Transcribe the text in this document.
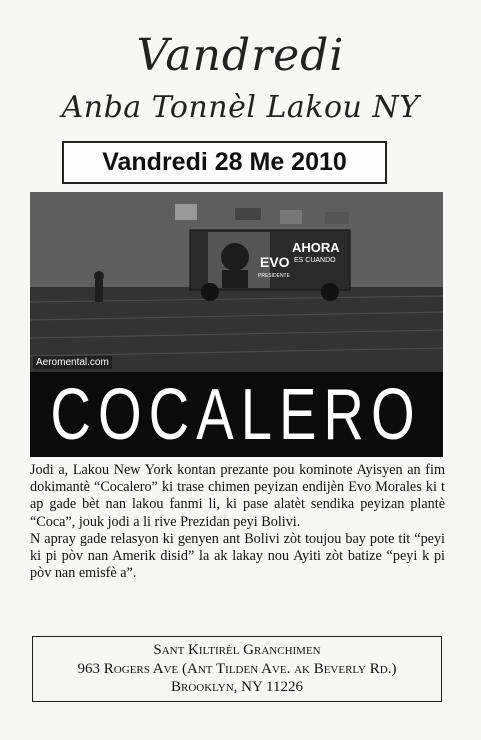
Vandredi
Anba Tonnèl Lakou NY
Vandredi 28 Me 2010
EVO
PRESIDENTE
AHORA
ES CUANDO
Aeromental.com
COCALERO

Jodi a, Lakou New York kontan prezante pou kominote Ayisyen an fim dokimantè “Cocalero” ki trase chimen peyizan endijèn Evo Morales ki t ap gade bèt nan lakou fanmi li, ki pase alatèt sendika peyizan plantè “Coca”, jouk jodi a li rive Prezidan peyi Bolivi.

N apray gade relasyon ki genyen ant Bolivi zòt toujou bay pote tit “peyi ki pi pòv nan Amerik disid” la ak lakay nou Ayiti zòt batize “peyi k pi pòv nan emisfè a”.

Sant Kiltirèl Granchimen
963 Rogers Ave (Ant Tilden Ave. ak Beverly Rd.)
Brooklyn, NY 11226
